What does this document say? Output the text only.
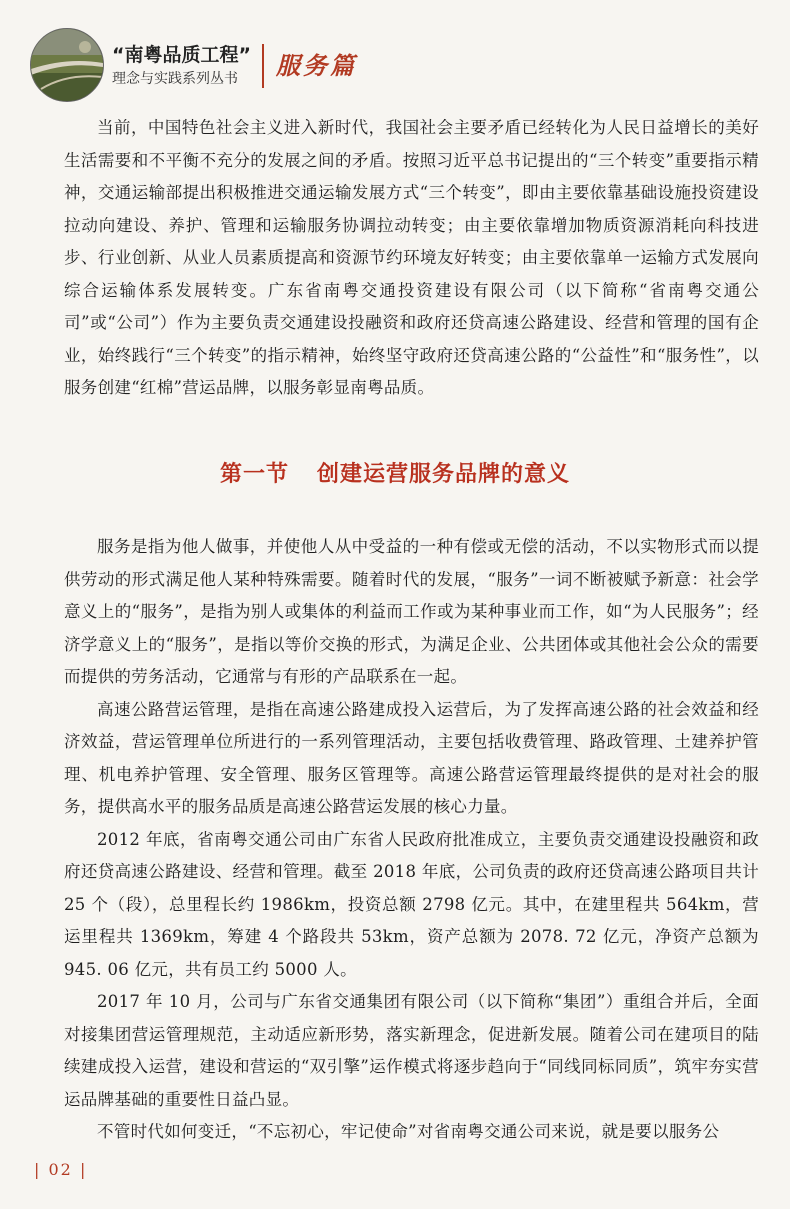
“南粤品质工程”
理念与实践系列丛书 服务篇

当前，中国特色社会主义进入新时代，我国社会主要矛盾已经转化为人民日益增长的美好生活需要和不平衡不充分的发展之间的矛盾。按照习近平总书记提出的“三个转变”重要指示精神，交通运输部提出积极推进交通运输发展方式“三个转变”，即由主要依靠基础设施投资建设拉动向建设、养护、管理和运输服务协调拉动转变；由主要依靠增加物质资源消耗向科技进步、行业创新、从业人员素质提高和资源节约环境友好转变；由主要依靠单一运输方式发展向综合运输体系发展转变。广东省南粤交通投资建设有限公司（以下简称“省南粤交通公司”或“公司”）作为主要负责交通建设投融资和政府还贷高速公路建设、经营和管理的国有企业，始终践行“三个转变”的指示精神，始终坚守政府还贷高速公路的“公益性”和“服务性”，以服务创建“红棉”营运品牌，以服务彰显南粤品质。

第一节 创建运营服务品牌的意义

服务是指为他人做事，并使他人从中受益的一种有偿或无偿的活动，不以实物形式而以提供劳动的形式满足他人某种特殊需要。随着时代的发展，“服务”一词不断被赋予新意：社会学意义上的“服务”，是指为别人或集体的利益而工作或为某种事业而工作，如“为人民服务”；经济学意义上的“服务”，是指以等价交换的形式，为满足企业、公共团体或其他社会公众的需要而提供的劳务活动，它通常与有形的产品联系在一起。

高速公路营运管理，是指在高速公路建成投入运营后，为了发挥高速公路的社会效益和经济效益，营运管理单位所进行的一系列管理活动，主要包括收费管理、路政管理、土建养护管理、机电养护管理、安全管理、服务区管理等。高速公路营运管理最终提供的是对社会的服务，提供高水平的服务品质是高速公路营运发展的核心力量。

2012 年底，省南粤交通公司由广东省人民政府批准成立，主要负责交通建设投融资和政府还贷高速公路建设、经营和管理。截至 2018 年底，公司负责的政府还贷高速公路项目共计 25 个（段），总里程长约 1986km，投资总额 2798 亿元。其中，在建里程共 564km，营运里程共 1369km，筹建 4 个路段共 53km，资产总额为 2078. 72 亿元，净资产总额为 945. 06 亿元，共有员工约 5000 人。

2017 年 10 月，公司与广东省交通集团有限公司（以下简称“集团”）重组合并后，全面对接集团营运管理规范，主动适应新形势，落实新理念，促进新发展。随着公司在建项目的陆续建成投入运营，建设和营运的“双引擎”运作模式将逐步趋向于“同线同标同质”，筑牢夯实营运品牌基础的重要性日益凸显。

不管时代如何变迁，“不忘初心，牢记使命”对省南粤交通公司来说，就是要以服务公

| 02 |
